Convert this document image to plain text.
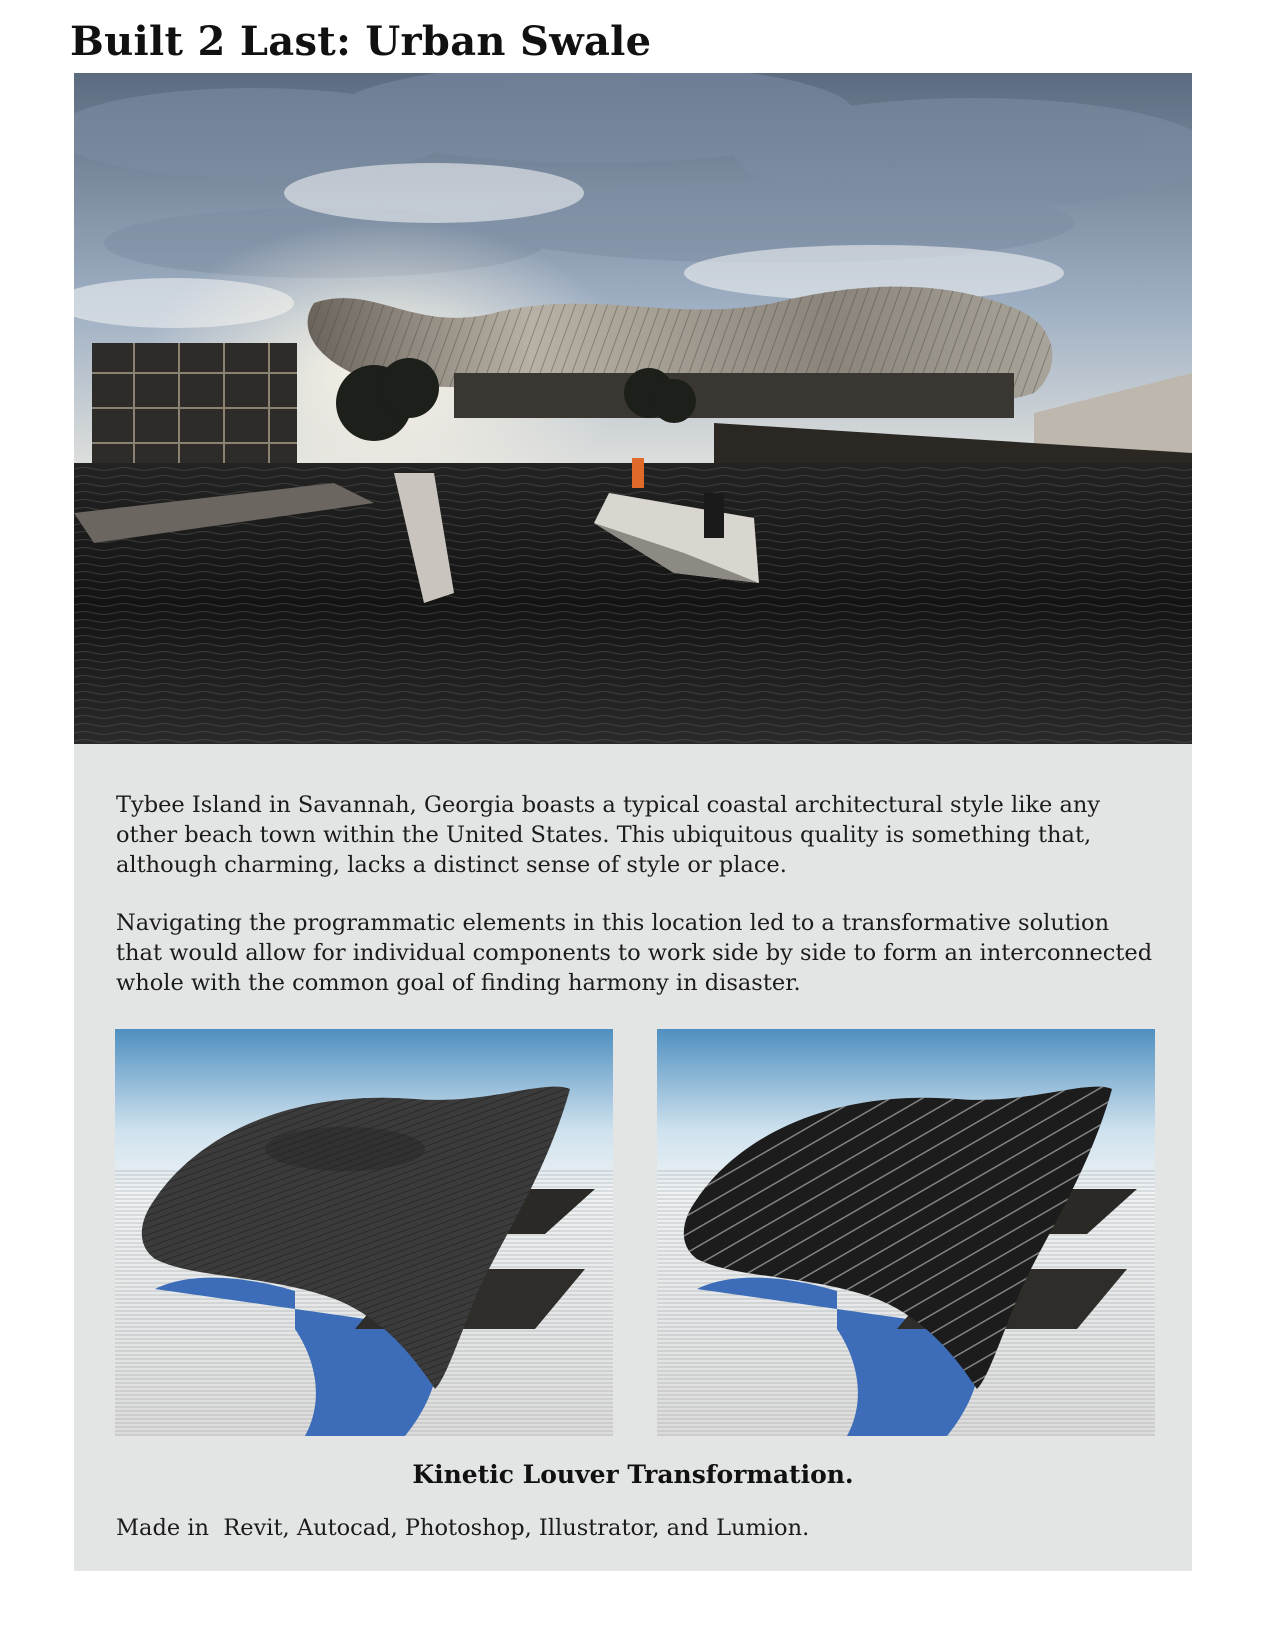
Built 2 Last: Urban Swale

Tybee Island in Savannah, Georgia boasts a typical coastal architectural style like any other beach town within the United States. This ubiquitous quality is something that, although charming, lacks a distinct sense of style or place.

Navigating the programmatic elements in this location led to a transformative solution that would allow for individual components to work side by side to form an interconnected whole with the common goal of finding harmony in disaster.

Kinetic Louver Transformation.

Made in  Revit, Autocad, Photoshop, Illustrator, and Lumion.
